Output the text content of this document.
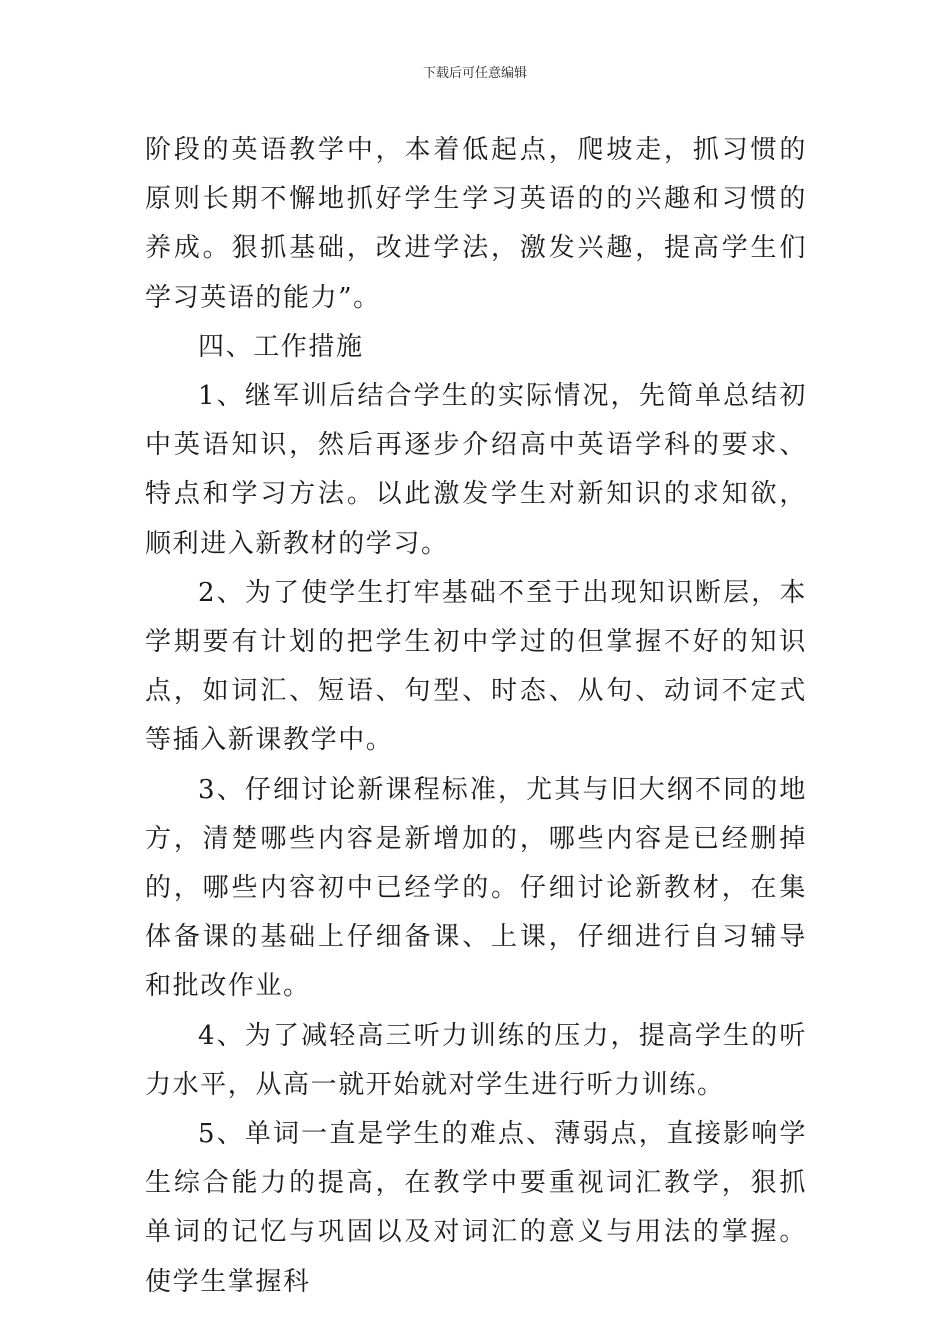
下载后可任意编辑

阶段的英语教学中，本着低起点，爬坡走，抓习惯的原则长期不懈地抓好学生学习英语的的兴趣和习惯的养成。狠抓基础，改进学法，激发兴趣，提高学生们学习英语的能力”。

四、工作措施

1、继军训后结合学生的实际情况，先简单总结初中英语知识，然后再逐步介绍高中英语学科的要求、特点和学习方法。以此激发学生对新知识的求知欲，顺利进入新教材的学习。

2、为了使学生打牢基础不至于出现知识断层，本学期要有计划的把学生初中学过的但掌握不好的知识点，如词汇、短语、句型、时态、从句、动词不定式等插入新课教学中。

3、仔细讨论新课程标准，尤其与旧大纲不同的地方，清楚哪些内容是新增加的，哪些内容是已经删掉的，哪些内容初中已经学的。仔细讨论新教材，在集体备课的基础上仔细备课、上课，仔细进行自习辅导和批改作业。

4、为了减轻高三听力训练的压力，提高学生的听力水平，从高一就开始就对学生进行听力训练。

5、单词一直是学生的难点、薄弱点，直接影响学生综合能力的提高，在教学中要重视词汇教学，狠抓单词的记忆与巩固以及对词汇的意义与用法的掌握。使学生掌握科
